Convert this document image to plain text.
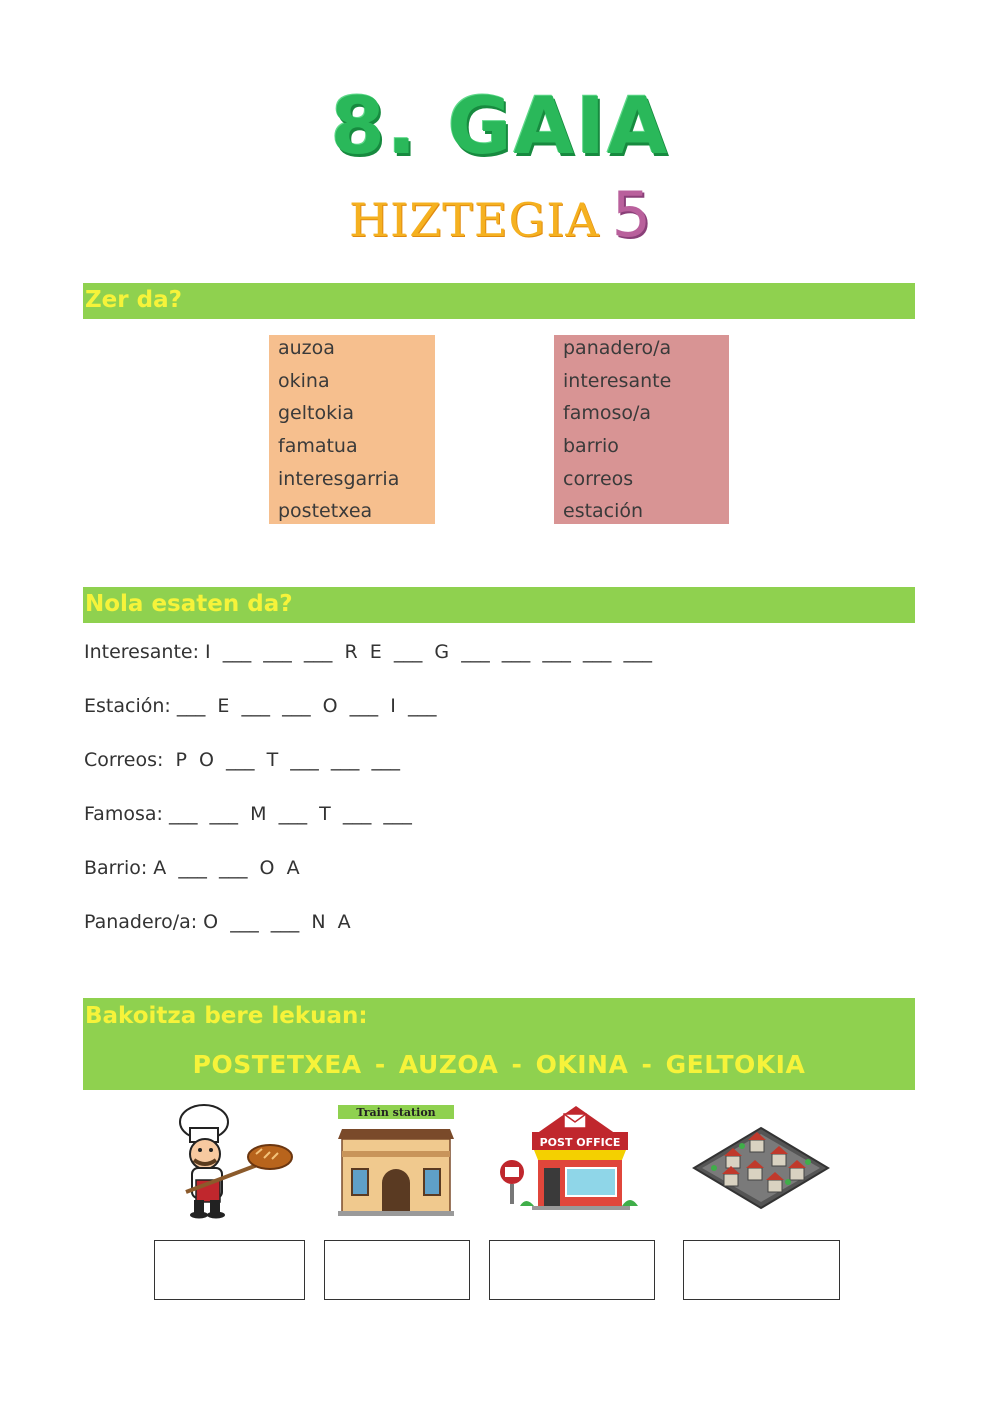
8. GAIA
HIZTEGIA 5
Zer da?
auzoa
okina
geltokia
famatua
interesgarria
postetxea
panadero/a
interesante
famoso/a
barrio
correos
estación
Nola esaten da?
Interesante: I  ___  ___  ___  R  E  ___  G  ___  ___  ___  ___  ___
Estación: ___  E  ___  ___  O  ___  I  ___
Correos:  P  O  ___  T  ___  ___  ___
Famosa: ___  ___  M  ___  T  ___  ___
Barrio: A  ___  ___  O  A
Panadero/a: O  ___  ___  N  A
Bakoitza bere lekuan:
POSTETXEA - AUZOA - OKINA - GELTOKIA
Train station
POST OFFICE
